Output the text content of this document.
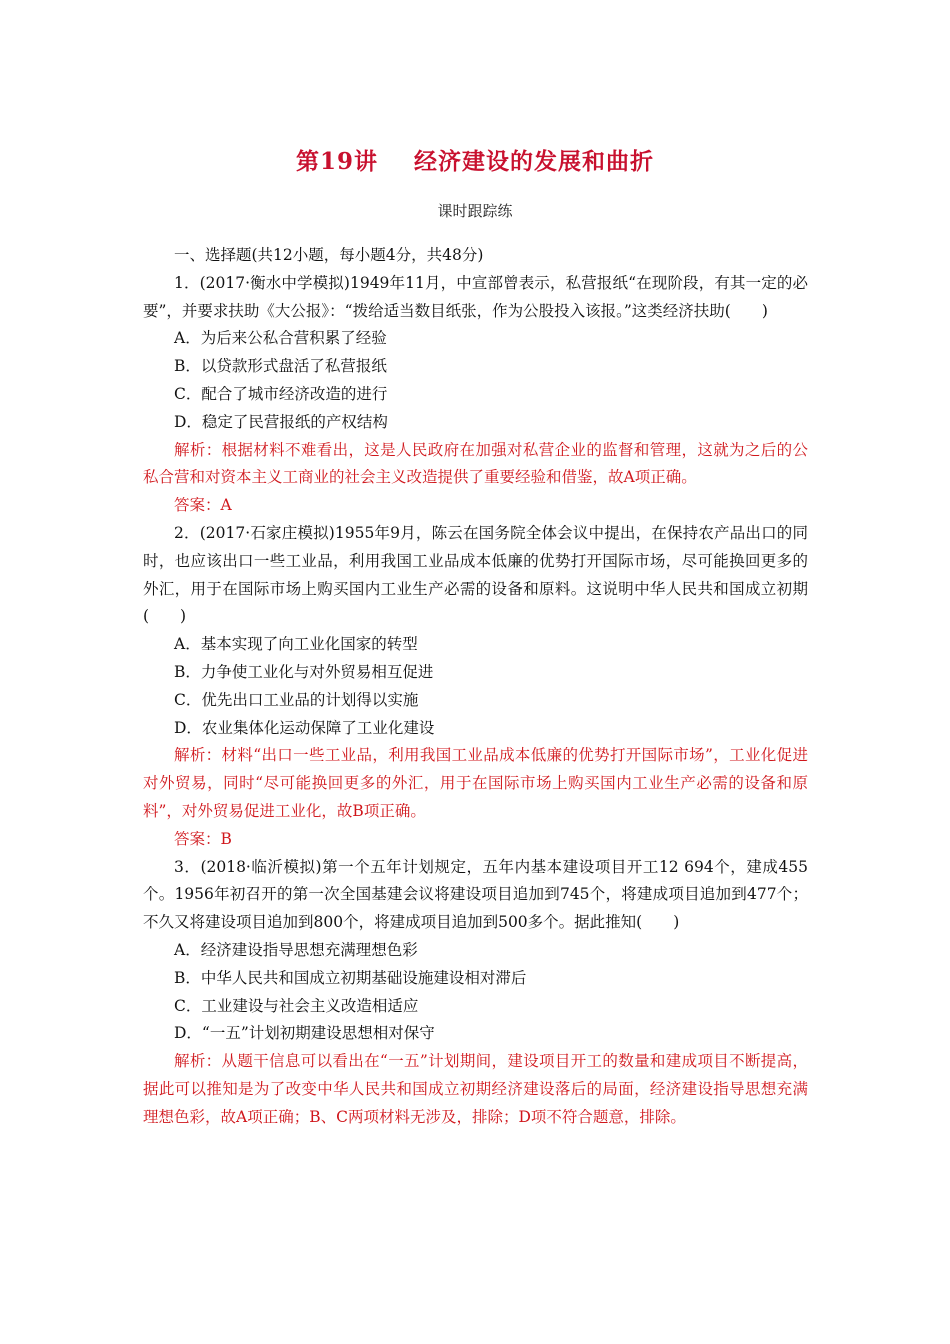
第19讲 经济建设的发展和曲折
课时跟踪练

一、选择题(共12小题，每小题4分，共48分)

1．(2017·衡水中学模拟)1949年11月，中宣部曾表示，私营报纸“在现阶段，有其一定的必要”，并要求扶助《大公报》：“拨给适当数目纸张，作为公股投入该报。”这类经济扶助(　　)

A．为后来公私合营积累了经验

B．以贷款形式盘活了私营报纸

C．配合了城市经济改造的进行

D．稳定了民营报纸的产权结构

解析：根据材料不难看出，这是人民政府在加强对私营企业的监督和管理，这就为之后的公私合营和对资本主义工商业的社会主义改造提供了重要经验和借鉴，故A项正确。

答案：A

2．(2017·石家庄模拟)1955年9月，陈云在国务院全体会议中提出，在保持农产品出口的同时，也应该出口一些工业品，利用我国工业品成本低廉的优势打开国际市场，尽可能换回更多的外汇，用于在国际市场上购买国内工业生产必需的设备和原料。这说明中华人民共和国成立初期(　　)

A．基本实现了向工业化国家的转型

B．力争使工业化与对外贸易相互促进

C．优先出口工业品的计划得以实施

D．农业集体化运动保障了工业化建设

解析：材料“出口一些工业品，利用我国工业品成本低廉的优势打开国际市场”，工业化促进对外贸易，同时“尽可能换回更多的外汇，用于在国际市场上购买国内工业生产必需的设备和原料”，对外贸易促进工业化，故B项正确。

答案：B

3．(2018·临沂模拟)第一个五年计划规定，五年内基本建设项目开工12 694个，建成455个。1956年初召开的第一次全国基建会议将建设项目追加到745个，将建成项目追加到477个；不久又将建设项目追加到800个，将建成项目追加到500多个。据此推知(　　)

A．经济建设指导思想充满理想色彩

B．中华人民共和国成立初期基础设施建设相对滞后

C．工业建设与社会主义改造相适应

D．“一五”计划初期建设思想相对保守

解析：从题干信息可以看出在“一五”计划期间，建设项目开工的数量和建成项目不断提高，据此可以推知是为了改变中华人民共和国成立初期经济建设落后的局面，经济建设指导思想充满理想色彩，故A项正确；B、C两项材料无涉及，排除；D项不符合题意，排除。
